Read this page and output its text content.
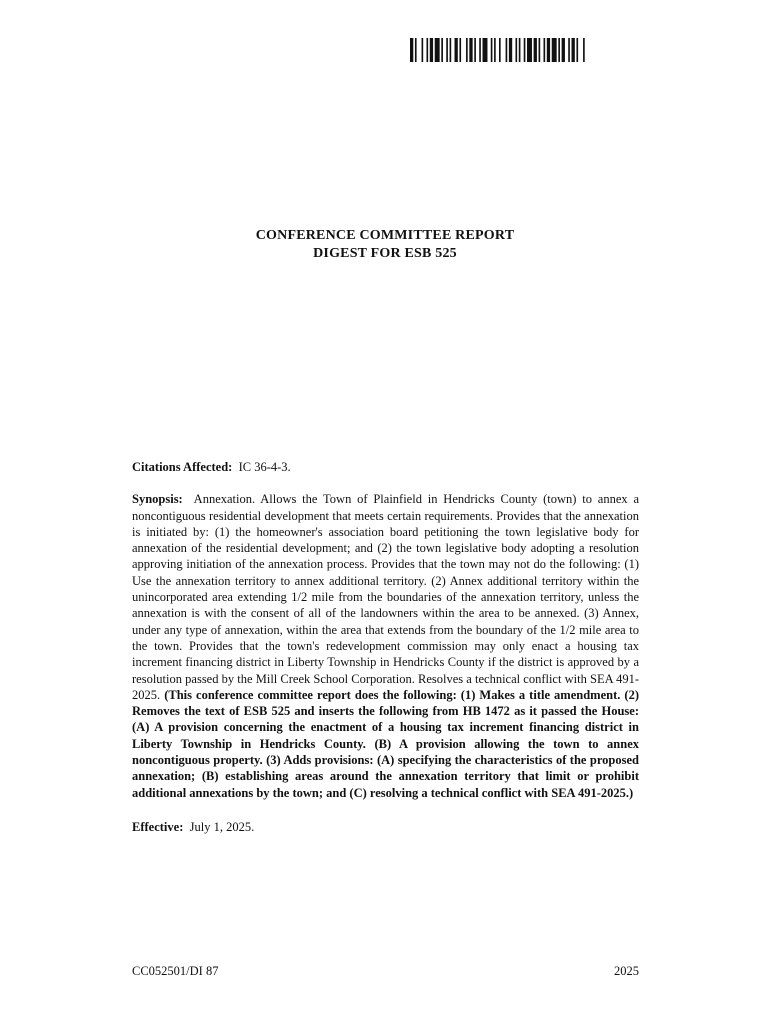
CONFERENCE COMMITTEE REPORT
DIGEST FOR ESB 525

Citations Affected: IC 36-4-3.

Synopsis: Annexation. Allows the Town of Plainfield in Hendricks County (town) to annex a noncontiguous residential development that meets certain requirements. Provides that the annexation is initiated by: (1) the homeowner's association board petitioning the town legislative body for annexation of the residential development; and (2) the town legislative body adopting a resolution approving initiation of the annexation process. Provides that the town may not do the following: (1) Use the annexation territory to annex additional territory. (2) Annex additional territory within the unincorporated area extending 1/2 mile from the boundaries of the annexation territory, unless the annexation is with the consent of all of the landowners within the area to be annexed. (3) Annex, under any type of annexation, within the area that extends from the boundary of the 1/2 mile area to the town. Provides that the town's redevelopment commission may only enact a housing tax increment financing district in Liberty Township in Hendricks County if the district is approved by a resolution passed by the Mill Creek School Corporation. Resolves a technical conflict with SEA 491-2025. (This conference committee report does the following: (1) Makes a title amendment. (2) Removes the text of ESB 525 and inserts the following from HB 1472 as it passed the House: (A) A provision concerning the enactment of a housing tax increment financing district in Liberty Township in Hendricks County. (B) A provision allowing the town to annex noncontiguous property. (3) Adds provisions: (A) specifying the characteristics of the proposed annexation; (B) establishing areas around the annexation territory that limit or prohibit additional annexations by the town; and (C) resolving a technical conflict with SEA 491-2025.)

Effective: July 1, 2025.

CC052501/DI 87	2025
